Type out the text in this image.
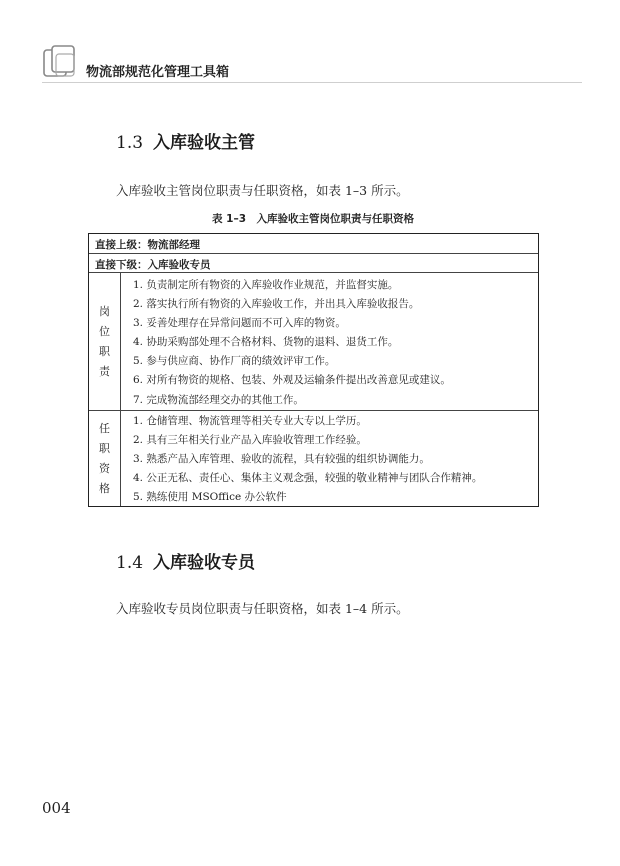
物流部规范化管理工具箱
1.3 入库验收主管
入库验收主管岗位职责与任职资格，如表 1–3 所示。
表 1–3　入库验收主管岗位职责与任职资格
直接上级：物流部经理
直接下级：入库验收专员
岗
位
职
责
1. 负责制定所有物资的入库验收作业规范，并监督实施。
2. 落实执行所有物资的入库验收工作，并出具入库验收报告。
3. 妥善处理存在异常问题而不可入库的物资。
4. 协助采购部处理不合格材料、货物的退料、退货工作。
5. 参与供应商、协作厂商的绩效评审工作。
6. 对所有物资的规格、包装、外观及运输条件提出改善意见或建议。
7. 完成物流部经理交办的其他工作。
任
职
资
格
1. 仓储管理、物流管理等相关专业大专以上学历。
2. 具有三年相关行业产品入库验收管理工作经验。
3. 熟悉产品入库管理、验收的流程，具有较强的组织协调能力。
4. 公正无私、责任心、集体主义观念强，较强的敬业精神与团队合作精神。
5. 熟练使用 MSOffice 办公软件
1.4 入库验收专员
入库验收专员岗位职责与任职资格，如表 1–4 所示。
004
